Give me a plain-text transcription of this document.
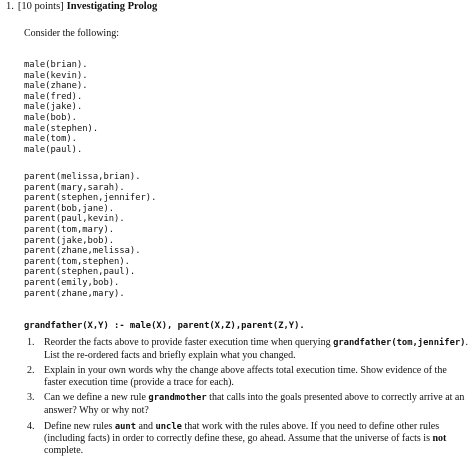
1. [10 points] Investigating Prolog
Consider the following:
male(brian).
male(kevin).
male(zhane).
male(fred).
male(jake).
male(bob).
male(stephen).
male(tom).
male(paul).
parent(melissa,brian).
parent(mary,sarah).
parent(stephen,jennifer).
parent(bob,jane).
parent(paul,kevin).
parent(tom,mary).
parent(jake,bob).
parent(zhane,melissa).
parent(tom,stephen).
parent(stephen,paul).
parent(emily,bob).
parent(zhane,mary).
grandfather(X,Y) :- male(X), parent(X,Z),parent(Z,Y).
1. Reorder the facts above to provide faster execution time when querying grandfather(tom,jennifer). List the re-ordered facts and briefly explain what you changed.
2. Explain in your own words why the change above affects total execution time. Show evidence of the faster execution time (provide a trace for each).
3. Can we define a new rule grandmother that calls into the goals presented above to correctly arrive at an answer? Why or why not?
4. Define new rules aunt and uncle that work with the rules above. If you need to define other rules (including facts) in order to correctly define these, go ahead. Assume that the universe of facts is not complete.
